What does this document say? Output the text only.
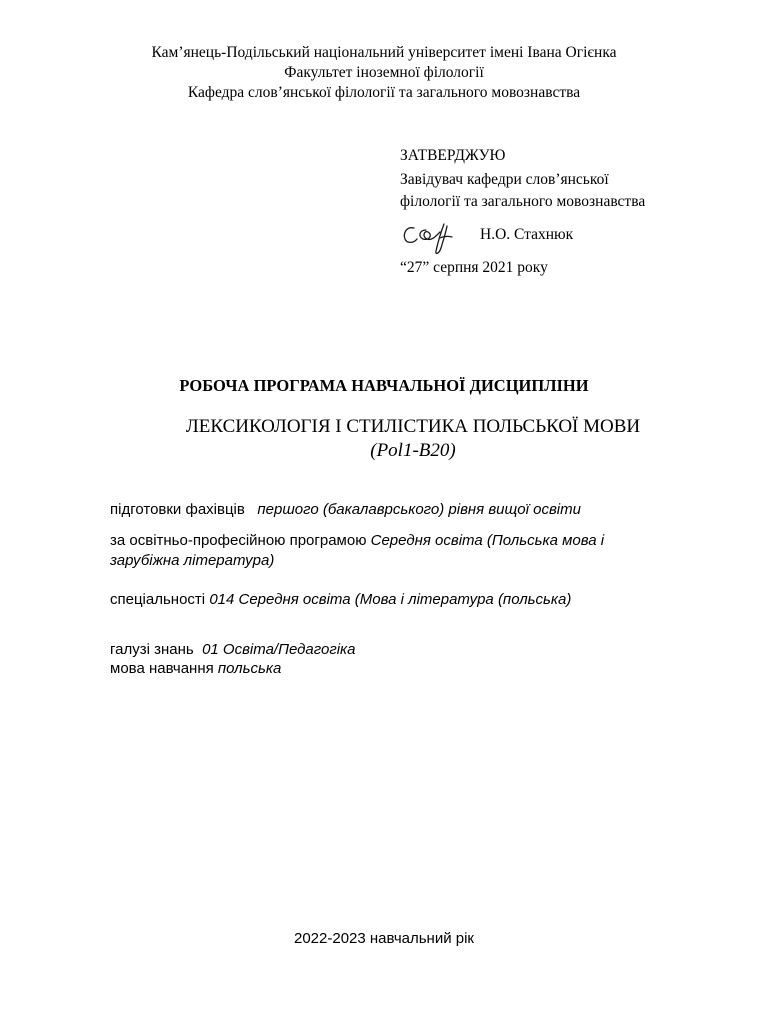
Кам’янець-Подільський національний університет імені Івана Огієнка
Факультет іноземної філології
Кафедра слов’янської філології та загального мовознавства
ЗАТВЕРДЖУЮ
Завідувач кафедри слов’янської
філології та загального мовознавства
Н.О. Стахнюк
“27” серпня 2021 року
РОБОЧА ПРОГРАМА НАВЧАЛЬНОЇ ДИСЦИПЛІНИ
ЛЕКСИКОЛОГІЯ І СТИЛІСТИКА ПОЛЬСЬКОЇ МОВИ
(Pol1-B20)
підготовки фахівців першого (бакалаврського) рівня вищої освіти
за освітньо-професійною програмою Середня освіта (Польська мова і
зарубіжна література)
спеціальності 014 Середня освіта (Мова і література (польська)
галузі знань 01 Освіта/Педагогіка
мова навчання польська
2022-2023 навчальний рік
